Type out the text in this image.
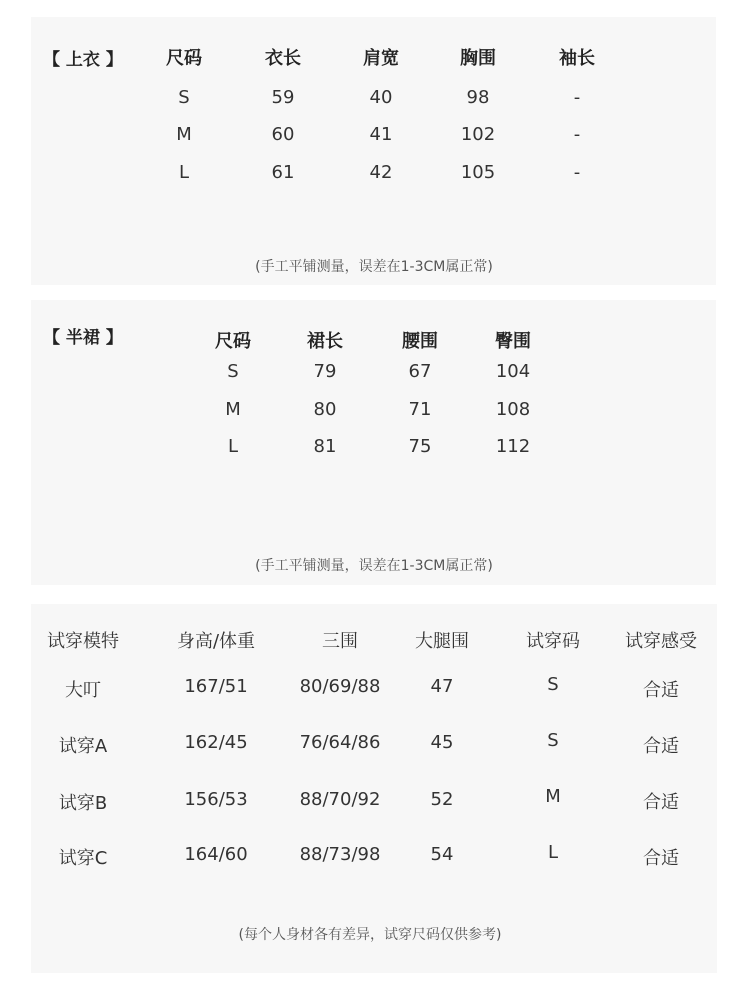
【 上衣 】 尺码	衣长	肩宽	胸围	袖长
S	59	40	98	-
M	60	41	102	-
L	61	42	105	-
(手工平铺测量，误差在1-3CM属正常)
【 半裙 】	尺码	裙长	腰围	臀围
S	79	67	104
M	80	71	108
L	81	75	112
(手工平铺测量，误差在1-3CM属正常)
试穿模特	身高/体重	三围	大腿围	试穿码	试穿感受
大叮	167/51	80/69/88	47	S	合适
试穿A	162/45	76/64/86	45	S	合适
试穿B	156/53	88/70/92	52	M	合适
试穿C	164/60	88/73/98	54	L	合适
(每个人身材各有差异，试穿尺码仅供参考)
